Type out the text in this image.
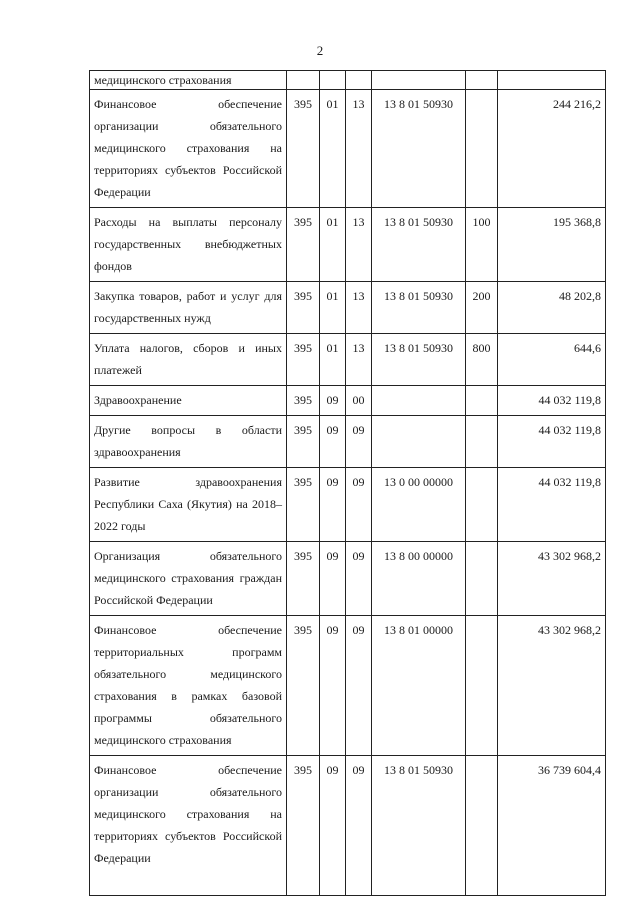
2
медицинского страхования						
Финансовое обеспечение организации обязательного медицинского страхования на территориях субъектов Российской Федерации	395	01	13	13 8 01 50930		244 216,2
Расходы на выплаты персоналу государственных внебюджетных фондов	395	01	13	13 8 01 50930	100	195 368,8
Закупка товаров, работ и услуг для государственных нужд	395	01	13	13 8 01 50930	200	48 202,8
Уплата налогов, сборов и иных платежей	395	01	13	13 8 01 50930	800	644,6
Здравоохранение	395	09	00			44 032 119,8
Другие вопросы в области здравоохранения	395	09	09			44 032 119,8
Развитие здравоохранения Республики Саха (Якутия) на 2018–2022 годы	395	09	09	13 0 00 00000		44 032 119,8
Организация обязательного медицинского страхования граждан Российской Федерации	395	09	09	13 8 00 00000		43 302 968,2
Финансовое обеспечение территориальных программ обязательного медицинского страхования в рамках базовой программы обязательного медицинского страхования	395	09	09	13 8 01 00000		43 302 968,2
Финансовое обеспечение организации обязательного медицинского страхования на территориях субъектов Российской Федерации	395	09	09	13 8 01 50930		36 739 604,4
